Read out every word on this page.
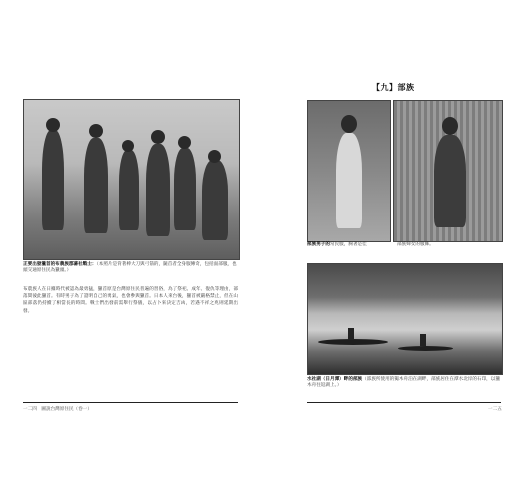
正要出發獵首的布農族郡蕃社戰士：（本照片是背著棒大刀與弓箭的，隨首者全身服傳奇，包括面部服，也頭交通原住民為獵頭。）
布農族人在日據時代被認為最勇猛，獵首原是台灣原住民普遍的習俗，為了祭祀、成年、復仇等理由，部落間彼此獵首。有時男子為了證明自己的勇氣，也會參與獵首。日本人來台後，獵首被嚴格禁止，但在山區部落仍持續了相當長的時間。戰士們出發前需舉行祭儀，以占卜來決定吉凶，若遇不祥之兆則延期出發。
一二四　圖說台灣原住民（卷一）
【九】部族
部族男子的常民服，胸著是佳	部族婦女的服飾。
水社湖（日月潭）畔的部族（邵族所使用的獨木舟泊在湖畔，部族居住在潭水北岸的石印，以獵木舟往返湖上。）
一二五
